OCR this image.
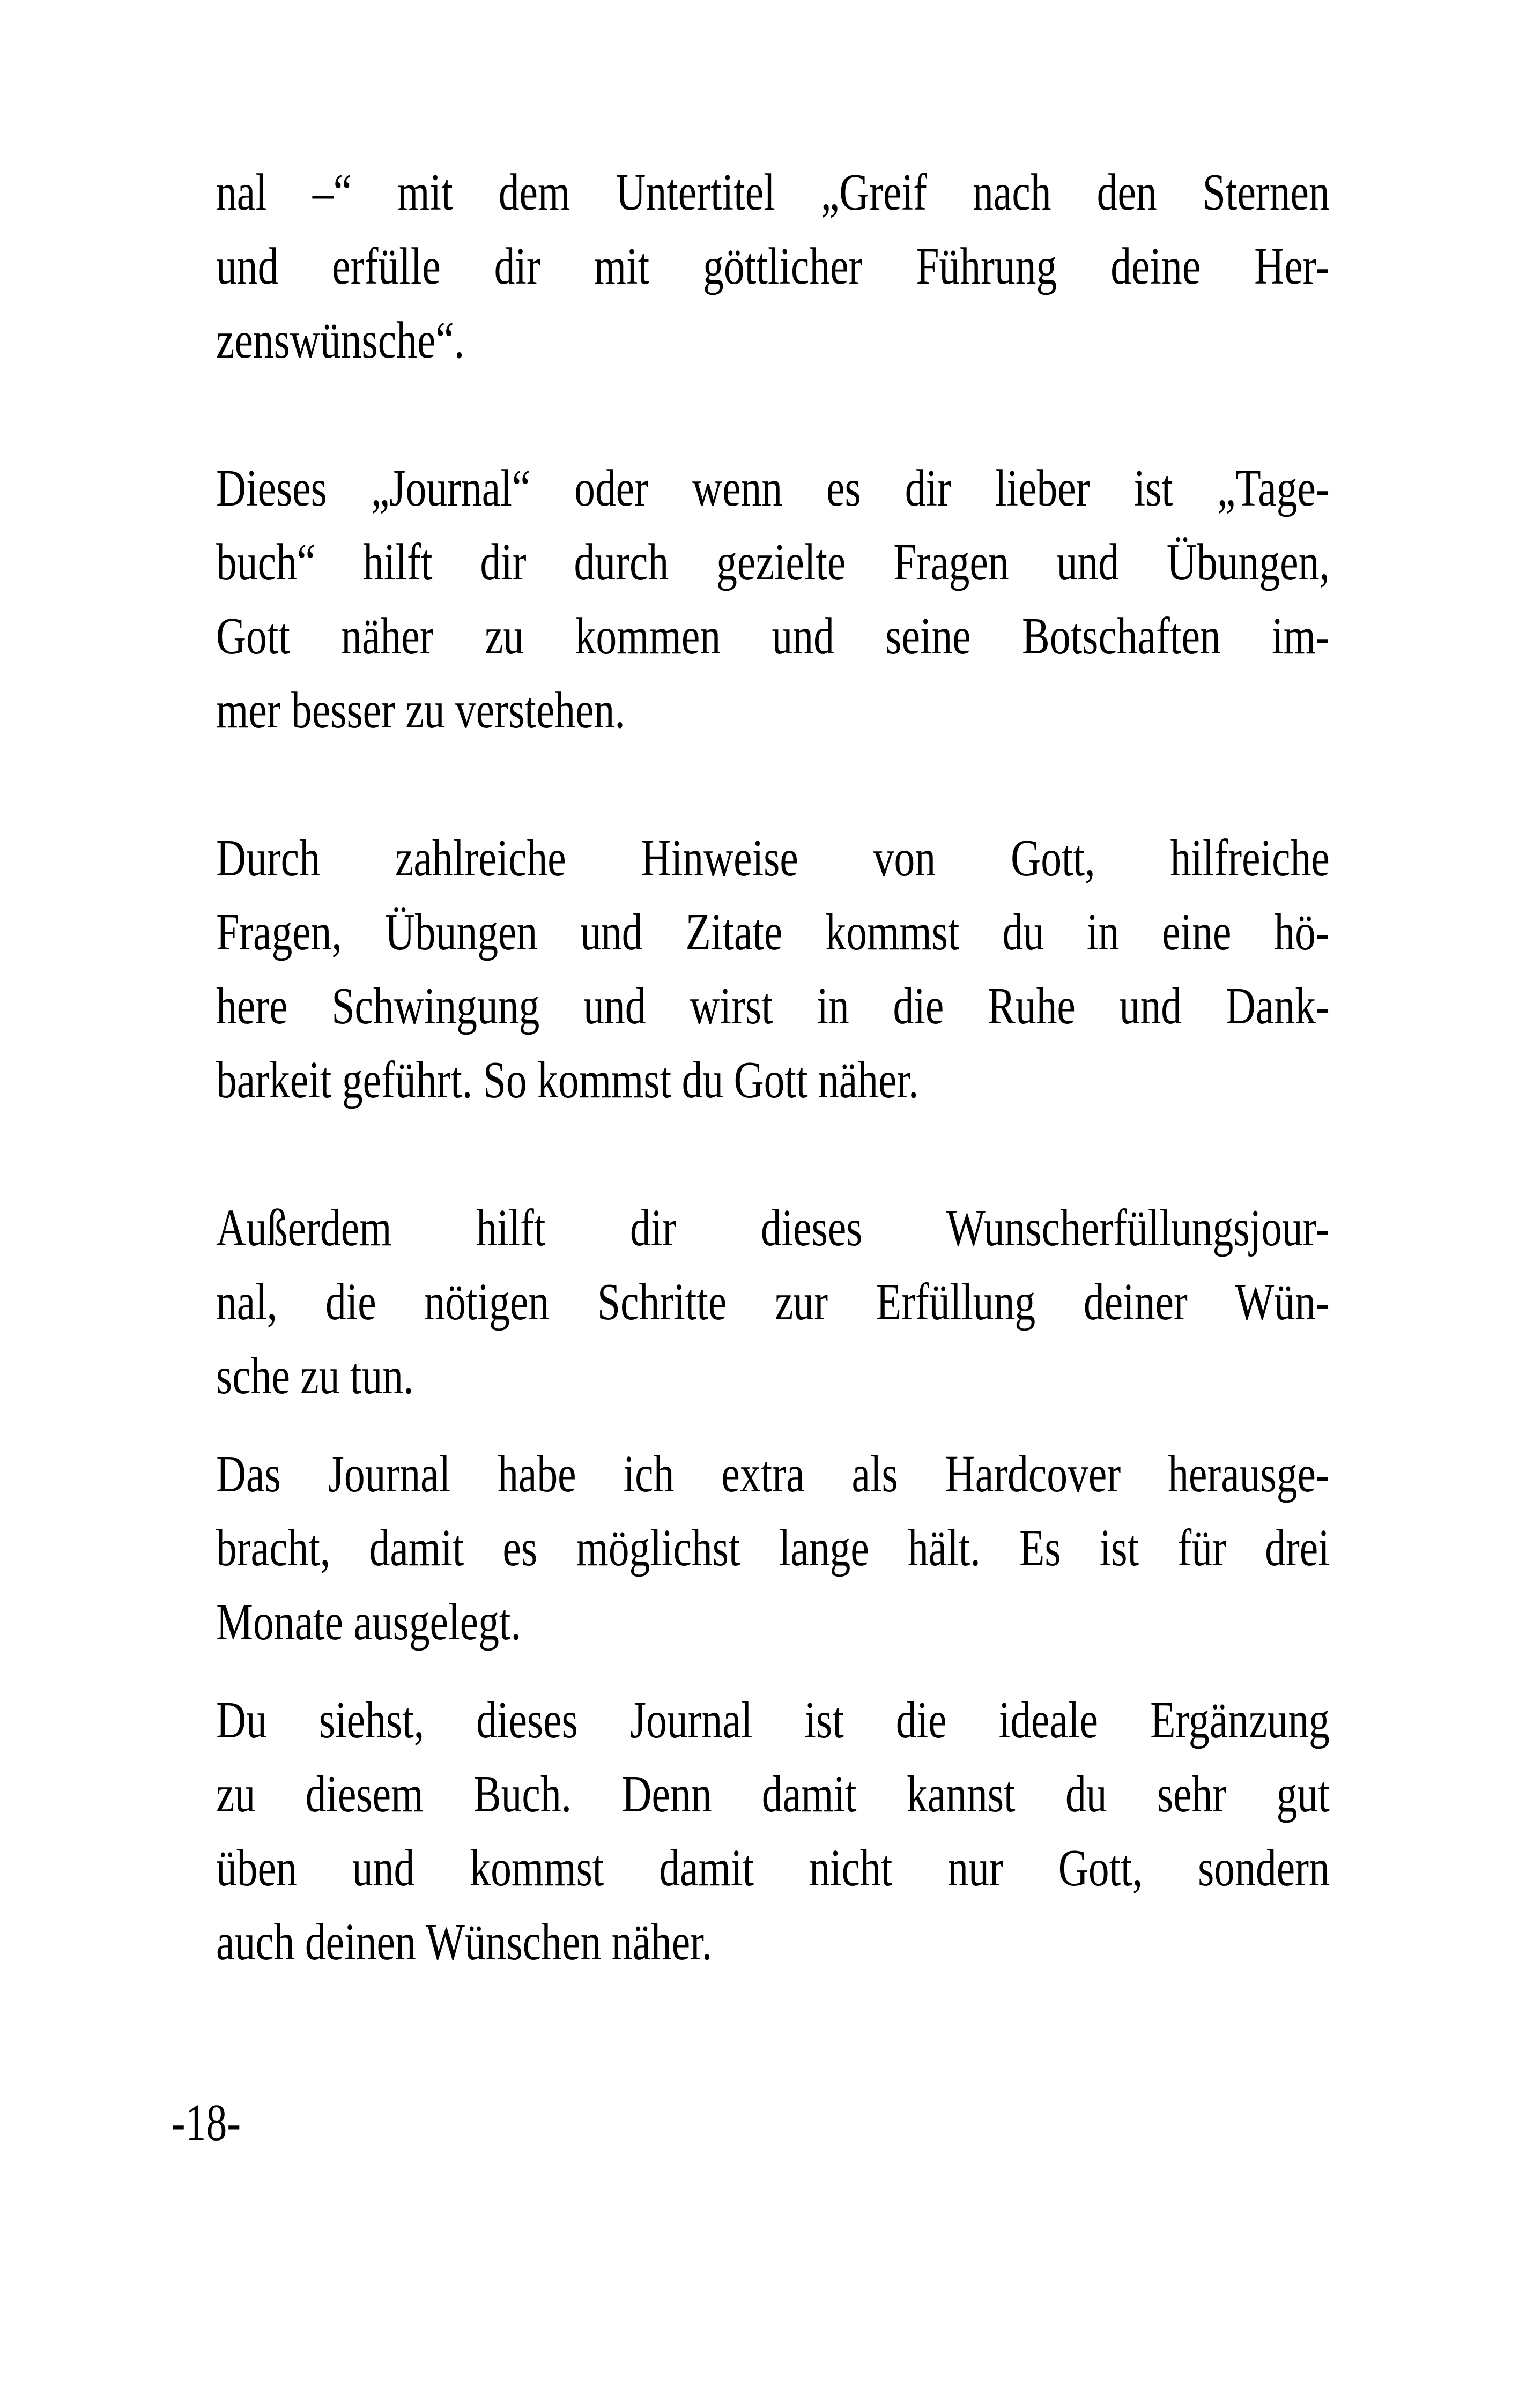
nal –“ mit dem Untertitel „Greif nach den Sternen
und erfülle dir mit göttlicher Führung deine Her-
zenswünsche“.
Dieses „Journal“ oder wenn es dir lieber ist „Tage-
buch“ hilft dir durch gezielte Fragen und Übungen,
Gott näher zu kommen und seine Botschaften im-
mer besser zu verstehen.
Durch zahlreiche Hinweise von Gott, hilfreiche
Fragen, Übungen und Zitate kommst du in eine hö-
here Schwingung und wirst in die Ruhe und Dank-
barkeit geführt. So kommst du Gott näher.
Außerdem hilft dir dieses Wunscherfüllungsjour-
nal, die nötigen Schritte zur Erfüllung deiner Wün-
sche zu tun.
Das Journal habe ich extra als Hardcover herausge-
bracht, damit es möglichst lange hält. Es ist für drei
Monate ausgelegt.
Du siehst, dieses Journal ist die ideale Ergänzung
zu diesem Buch. Denn damit kannst du sehr gut
üben und kommst damit nicht nur Gott, sondern
auch deinen Wünschen näher.
-18-
